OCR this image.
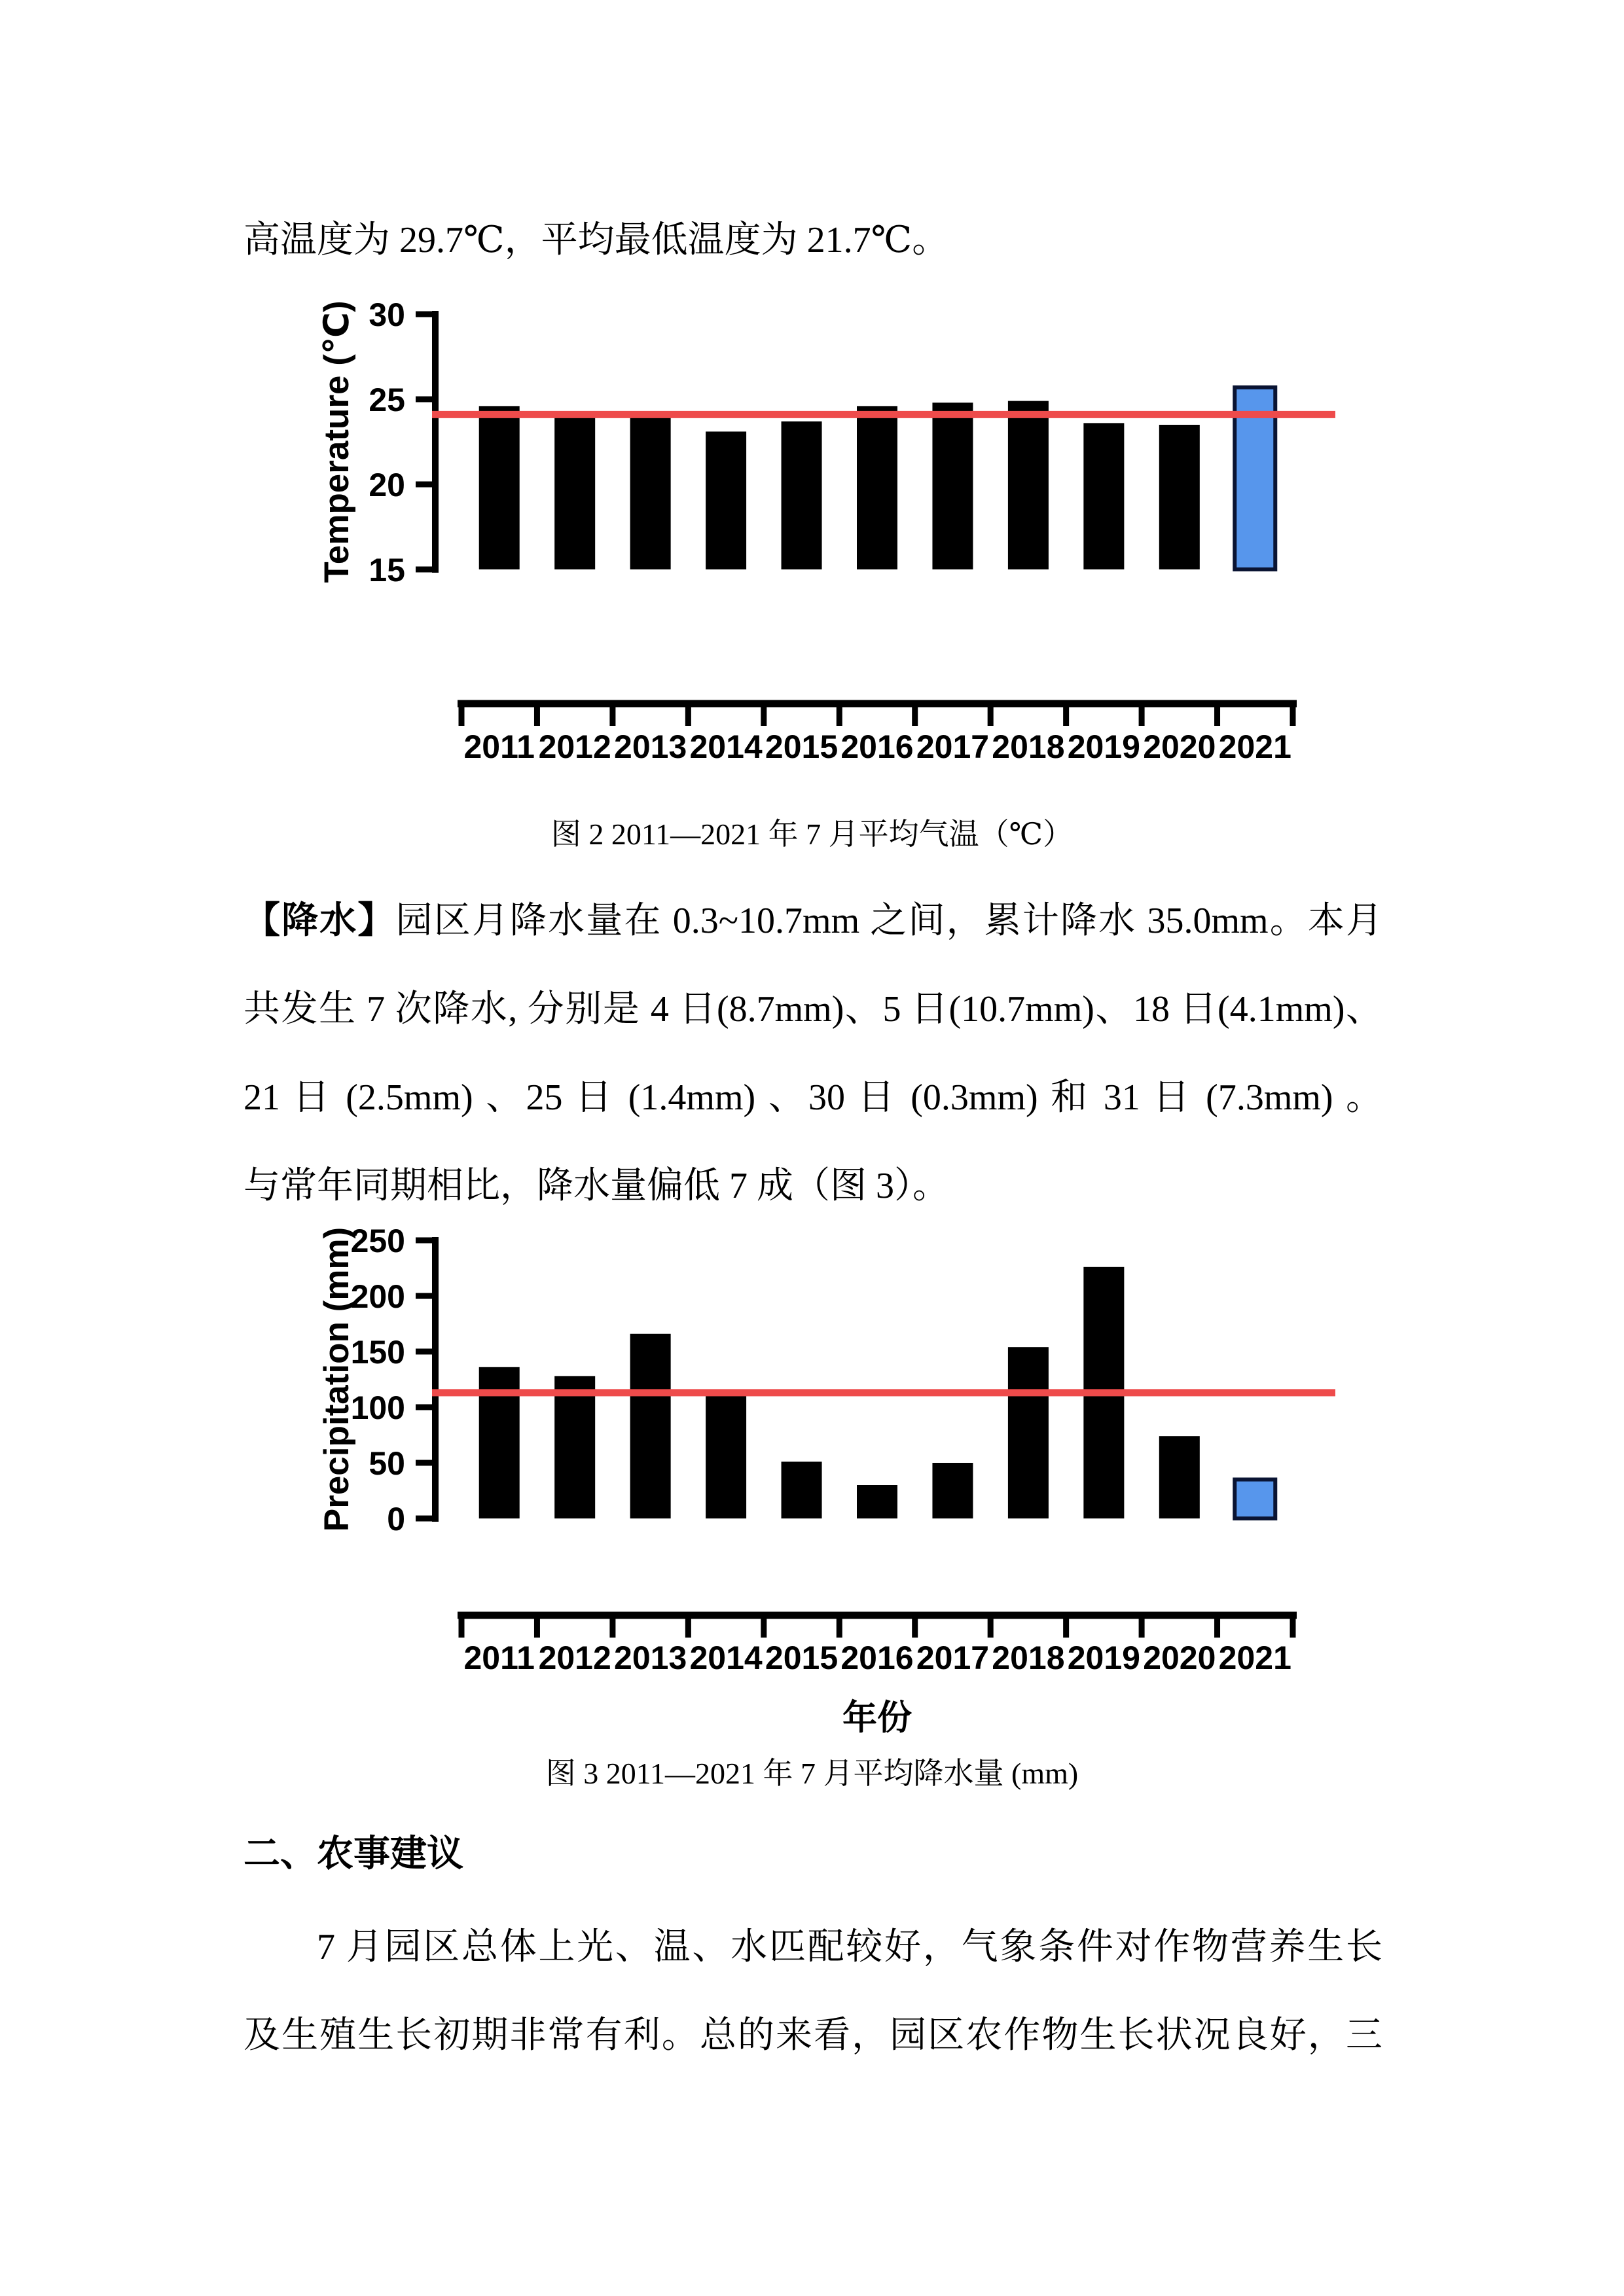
高温度为 29.7℃，平均最低温度为 21.7℃。
15
20
25
30
Temperature (℃)
2011 2012 2013 2014 2015 2016 2017 2018 2019 2020 2021
图 2 2011—2021 年 7 月平均气温（℃）
【降水】园区月降水量在 0.3~10.7mm 之间，累计降水 35.0mm。本月
共发生 7 次降水, 分别是 4 日(8.7mm)、5 日(10.7mm)、18 日(4.1mm)、
21 日 (2.5mm) 、25 日 (1.4mm) 、30 日 (0.3mm) 和 31 日 (7.3mm) 。
与常年同期相比，降水量偏低 7 成（图 3）。
0
50
100
150
200
250
Precipitation (mm)
2011 2012 2013 2014 2015 2016 2017 2018 2019 2020 2021
年份
图 3 2011—2021 年 7 月平均降水量 (mm)
二、农事建议
7 月园区总体上光、温、水匹配较好，气象条件对作物营养生长
及生殖生长初期非常有利。总的来看，园区农作物生长状况良好，三
